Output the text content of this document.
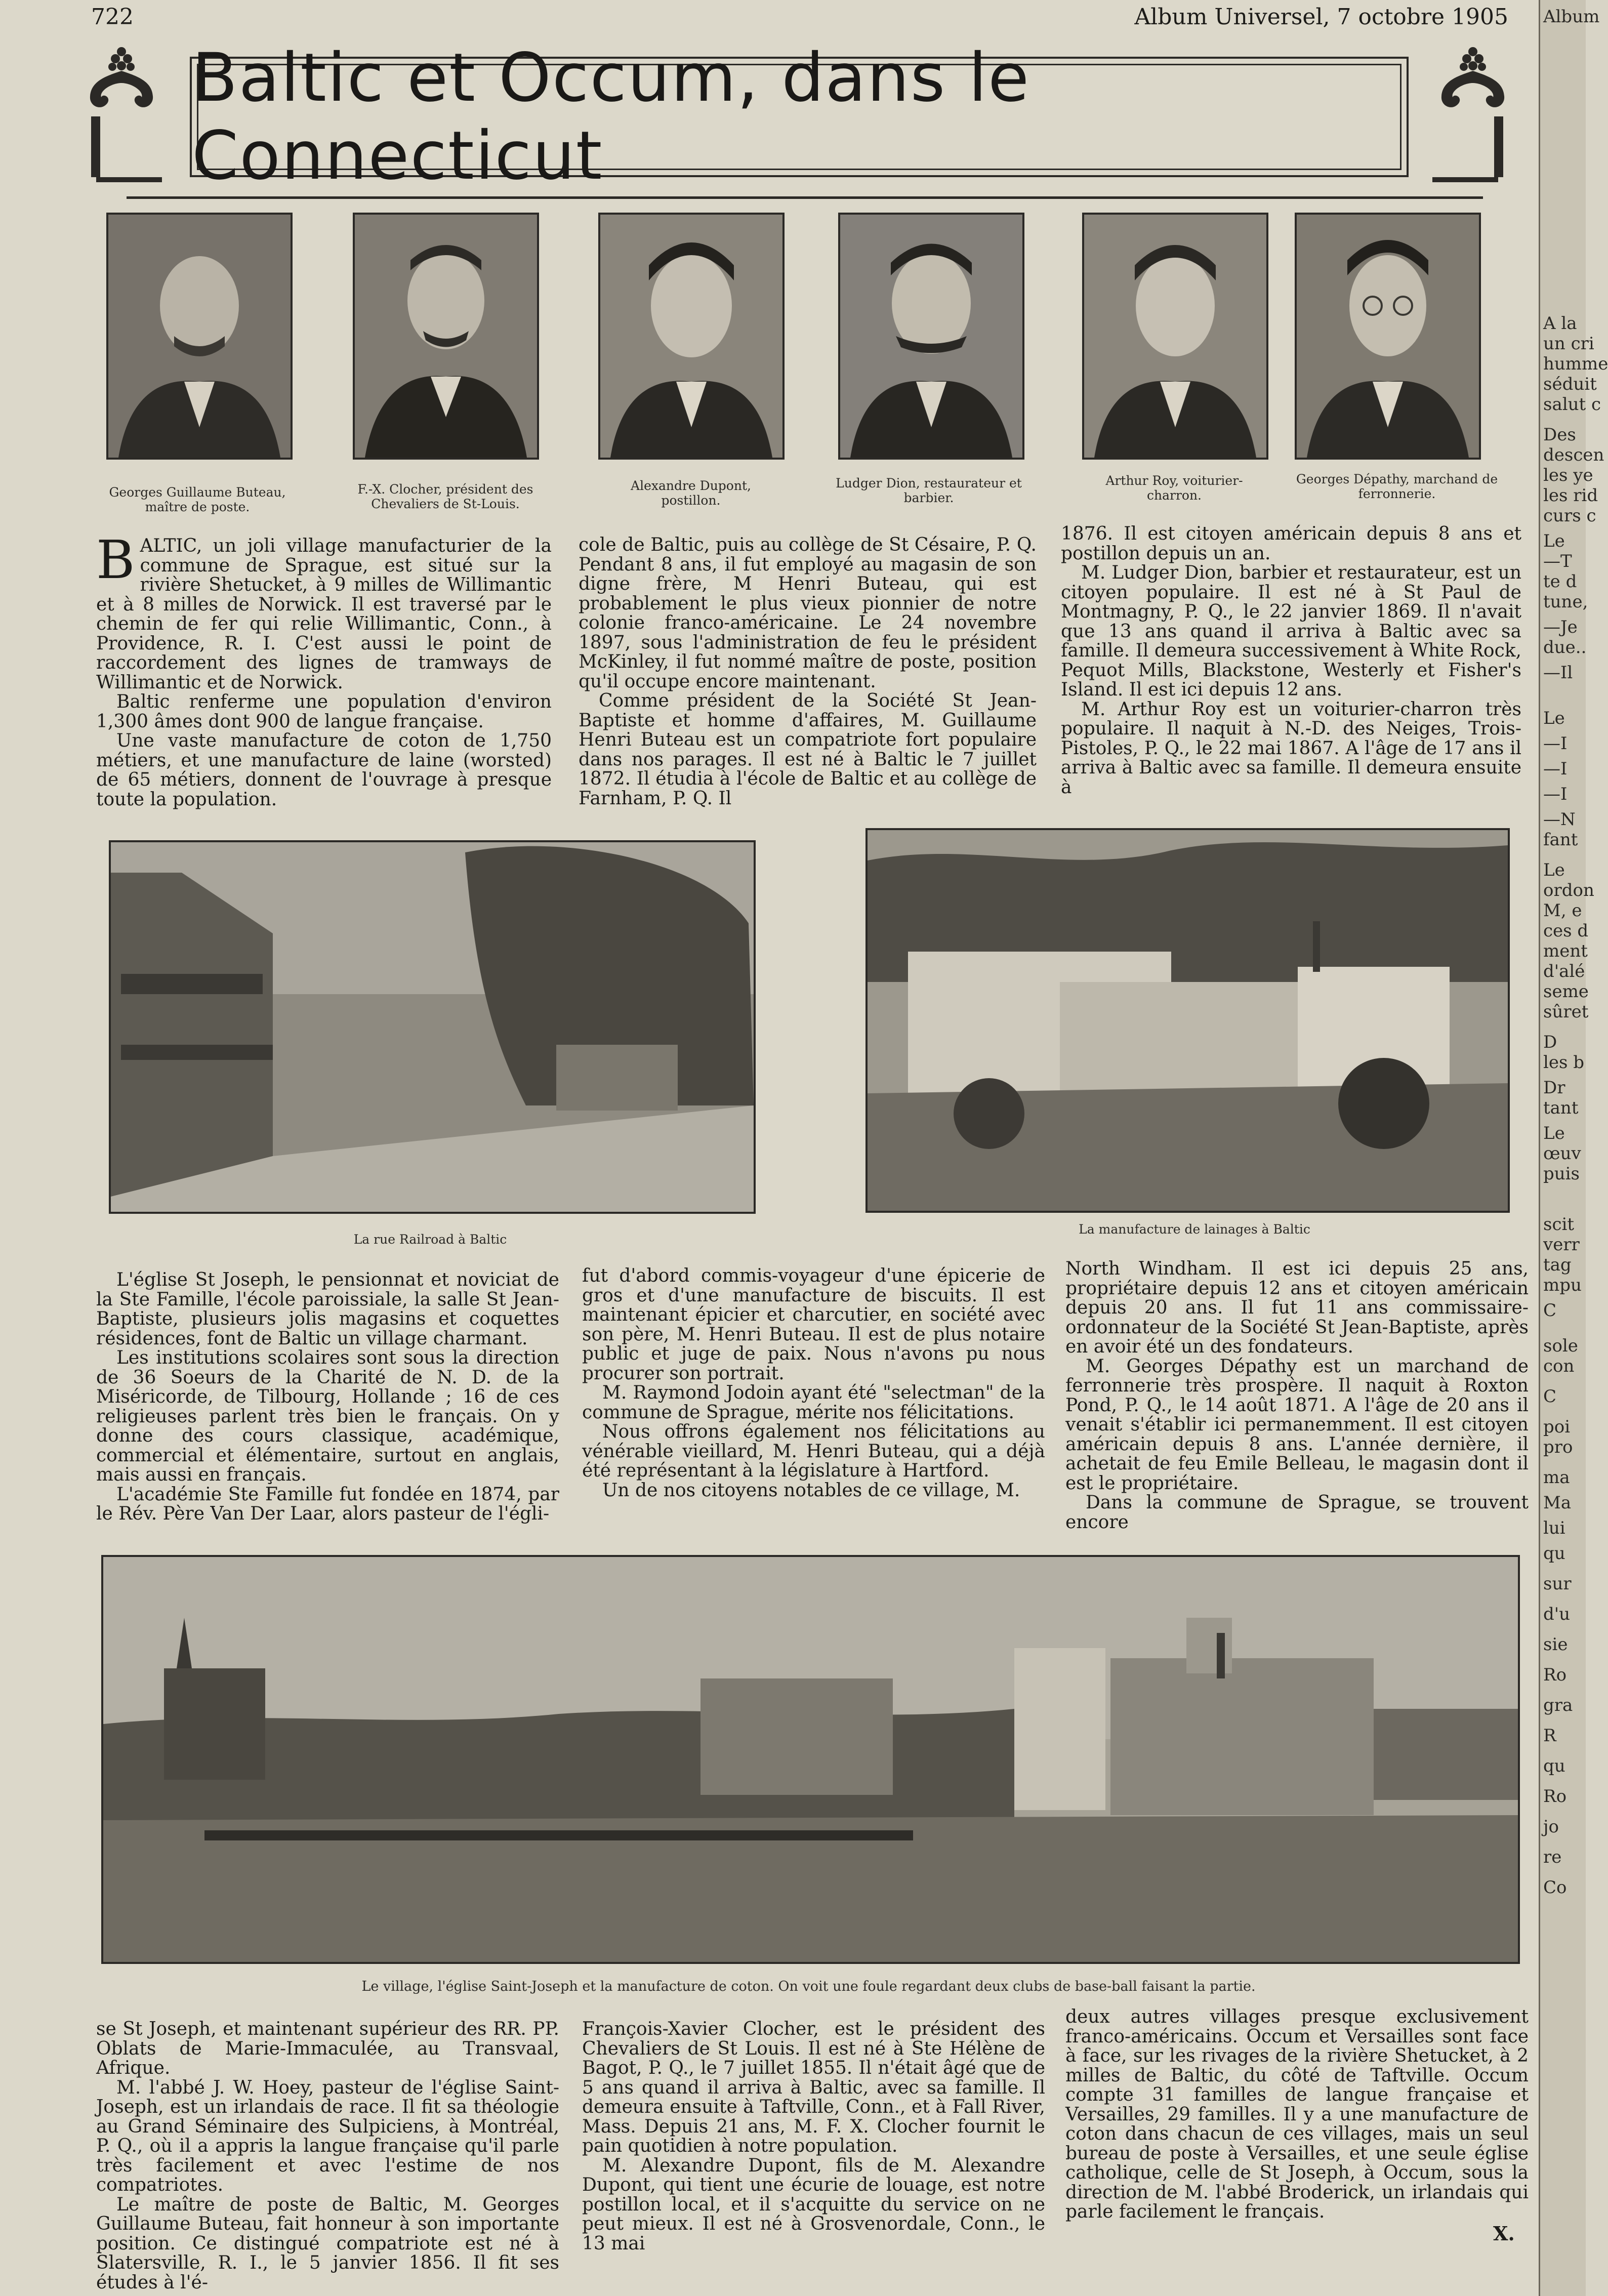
722	Album Universel, 7 octobre 1905
Baltic et Occum, dans le Connecticut
Georges Guillaume Buteau, maître de poste.
F.-X. Clocher, président des Chevaliers de St-Louis.
Alexandre Dupont, postillon.
Ludger Dion, restaurateur et barbier.
Arthur Roy, voiturier-charron.
Georges Dépathy, marchand de ferronnerie.

BALTIC, un joli village manufacturier de la commune de Sprague, est situé sur la rivière Shetucket, à 9 milles de Willimantic et à 8 milles de Norwick. Il est traversé par le chemin de fer qui relie Willimantic, Conn., à Providence, R. I. C'est aussi le point de raccordement des lignes de tramways de Willimantic et de Norwick.

Baltic renferme une population d'environ 1,300 âmes dont 900 de langue française.

Une vaste manufacture de coton de 1,750 métiers, et une manufacture de laine (worsted) de 65 métiers, donnent de l'ouvrage à presque toute la population.

cole de Baltic, puis au collège de St Césaire, P. Q. Pendant 8 ans, il fut employé au magasin de son digne frère, M Henri Buteau, qui est probablement le plus vieux pionnier de notre colonie franco-américaine. Le 24 novembre 1897, sous l'administration de feu le président McKinley, il fut nommé maître de poste, position qu'il occupe encore maintenant.

Comme président de la Société St Jean-Baptiste et homme d'affaires, M. Guillaume Henri Buteau est un compatriote fort populaire dans nos parages. Il est né à Baltic le 7 juillet 1872. Il étudia à l'école de Baltic et au collège de Farnham, P. Q. Il

1876. Il est citoyen américain depuis 8 ans et postillon depuis un an.

M. Ludger Dion, barbier et restaurateur, est un citoyen populaire. Il est né à St Paul de Montmagny, P. Q., le 22 janvier 1869. Il n'avait que 13 ans quand il arriva à Baltic avec sa famille. Il demeura successivement à White Rock, Pequot Mills, Blackstone, Westerly et Fisher's Island. Il est ici depuis 12 ans.

M. Arthur Roy est un voiturier-charron très populaire. Il naquit à N.-D. des Neiges, Trois-Pistoles, P. Q., le 22 mai 1867. A l'âge de 17 ans il arriva à Baltic avec sa famille. Il demeura ensuite à

La rue Railroad à Baltic
La manufacture de lainages à Baltic

L'église St Joseph, le pensionnat et noviciat de la Ste Famille, l'école paroissiale, la salle St Jean-Baptiste, plusieurs jolis magasins et coquettes résidences, font de Baltic un village charmant.

Les institutions scolaires sont sous la direction de 36 Soeurs de la Charité de N. D. de la Miséricorde, de Tilbourg, Hollande ; 16 de ces religieuses parlent très bien le français. On y donne des cours classique, académique, commercial et élémentaire, surtout en anglais, mais aussi en français.

L'académie Ste Famille fut fondée en 1874, par le Rév. Père Van Der Laar, alors pasteur de l'égli-

fut d'abord commis-voyageur d'une épicerie de gros et d'une manufacture de biscuits. Il est maintenant épicier et charcutier, en société avec son père, M. Henri Buteau. Il est de plus notaire public et juge de paix. Nous n'avons pu nous procurer son portrait.

M. Raymond Jodoin ayant été "selectman" de la commune de Sprague, mérite nos félicitations.

Nous offrons également nos félicitations au vénérable vieillard, M. Henri Buteau, qui a déjà été représentant à la législature à Hartford.

Un de nos citoyens notables de ce village, M.

North Windham. Il est ici depuis 25 ans, propriétaire depuis 12 ans et citoyen américain depuis 20 ans. Il fut 11 ans commissaire-ordonnateur de la Société St Jean-Baptiste, après en avoir été un des fondateurs.

M. Georges Dépathy est un marchand de ferronnerie très prospère. Il naquit à Roxton Pond, P. Q., le 14 août 1871. A l'âge de 20 ans il venait s'établir ici permanemment. Il est citoyen américain depuis 8 ans. L'année dernière, il achetait de feu Emile Belleau, le magasin dont il est le propriétaire.

Dans la commune de Sprague, se trouvent encore

Le village, l'église Saint-Joseph et la manufacture de coton. On voit une foule regardant deux clubs de base-ball faisant la partie.

se St Joseph, et maintenant supérieur des RR. PP. Oblats de Marie-Immaculée, au Transvaal, Afrique.

M. l'abbé J. W. Hoey, pasteur de l'église Saint-Joseph, est un irlandais de race. Il fit sa théologie au Grand Séminaire des Sulpiciens, à Montréal, P. Q., où il a appris la langue française qu'il parle très facilement et avec l'estime de nos compatriotes.

Le maître de poste de Baltic, M. Georges Guillaume Buteau, fait honneur à son importante position. Ce distingué compatriote est né à Slatersville, R. I., le 5 janvier 1856. Il fit ses études à l'é-

François-Xavier Clocher, est le président des Chevaliers de St Louis. Il est né à Ste Hélène de Bagot, P. Q., le 7 juillet 1855. Il n'était âgé que de 5 ans quand il arriva à Baltic, avec sa famille. Il demeura ensuite à Taftville, Conn., et à Fall River, Mass. Depuis 21 ans, M. F. X. Clocher fournit le pain quotidien à notre population.

M. Alexandre Dupont, fils de M. Alexandre Dupont, qui tient une écurie de louage, est notre postillon local, et il s'acquitte du service on ne peut mieux. Il est né à Grosvenordale, Conn., le 13 mai

deux autres villages presque exclusivement franco-américains. Occum et Versailles sont face à face, sur les rivages de la rivière Shetucket, à 2 milles de Baltic, du côté de Taftville. Occum compte 31 familles de langue française et Versailles, 29 familles. Il y a une manufacture de coton dans chacun de ces villages, mais un seul bureau de poste à Versailles, et une seule église catholique, celle de St Joseph, à Occum, sous la direction de M. l'abbé Broderick, un irlandais qui parle facilement le français.

X.
Album
A la
un cri
humme
séduit
salut c
Des
descen
les ye
les rid
curs c
Le
—T
te d
tune,
—Je
due..
—Il
Le
—I
—I
—I
—N
fant
Le
ordon
M, e
ces d
ment
d'alé
seme
sûret
D
les b
Dr
tant
Le
œuv
puis
scit
verr
tag
mpu
C
sole
con
C
poi
pro
ma
Ma
lui
qu
sur
d'u
sie
Ro
gra
R
qu
Ro
jo
re
Co
